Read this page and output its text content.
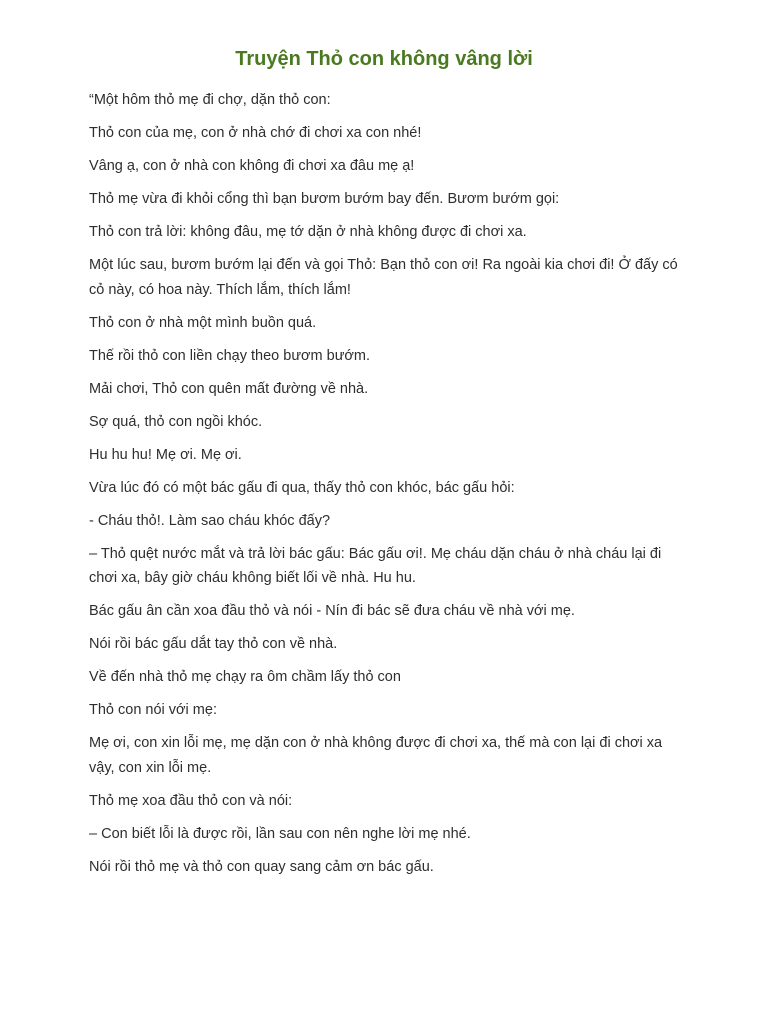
Truyện Thỏ con không vâng lời

“Một hôm thỏ mẹ đi chợ, dặn thỏ con:

Thỏ con của mẹ, con ở nhà chớ đi chơi xa con nhé!

Vâng ạ, con ở nhà con không đi chơi xa đâu mẹ ạ!

Thỏ mẹ vừa đi khỏi cổng thì bạn bươm bướm bay đến. Bươm bướm gọi:

Thỏ con trả lời: không đâu, mẹ tớ dặn ở nhà không được đi chơi xa.

Một lúc sau, bươm bướm lại đến và gọi Thỏ: Bạn thỏ con ơi! Ra ngoài kia chơi đi! Ở đấy có cỏ này, có hoa này. Thích lắm, thích lắm!

Thỏ con ở nhà một mình buồn quá.

Thế rồi thỏ con liền chạy theo bươm bướm.

Mải chơi, Thỏ con quên mất đường về nhà.

Sợ quá, thỏ con ngồi khóc.

Hu hu hu! Mẹ ơi. Mẹ ơi.

Vừa lúc đó có một bác gấu đi qua, thấy thỏ con khóc, bác gấu hỏi:

- Cháu thỏ!. Làm sao cháu khóc đấy?

– Thỏ quệt nước mắt và trả lời bác gấu: Bác gấu ơi!. Mẹ cháu dặn cháu ở nhà cháu lại đi chơi xa, bây giờ cháu không biết lối về nhà. Hu hu.

Bác gấu ân cần xoa đầu thỏ và nói - Nín đi bác sẽ đưa cháu về nhà với mẹ.

Nói rồi bác gấu dắt tay thỏ con về nhà.

Về đến nhà thỏ mẹ chạy ra ôm chầm lấy thỏ con

Thỏ con nói với mẹ:

Mẹ ơi, con xin lỗi mẹ, mẹ dặn con ở nhà không được đi chơi xa, thế mà con lại đi chơi xa vậy, con xin lỗi mẹ.

Thỏ mẹ xoa đầu thỏ con và nói:

– Con biết lỗi là được rồi, lần sau con nên nghe lời mẹ nhé.

Nói rồi thỏ mẹ và thỏ con quay sang cảm ơn bác gấu.
